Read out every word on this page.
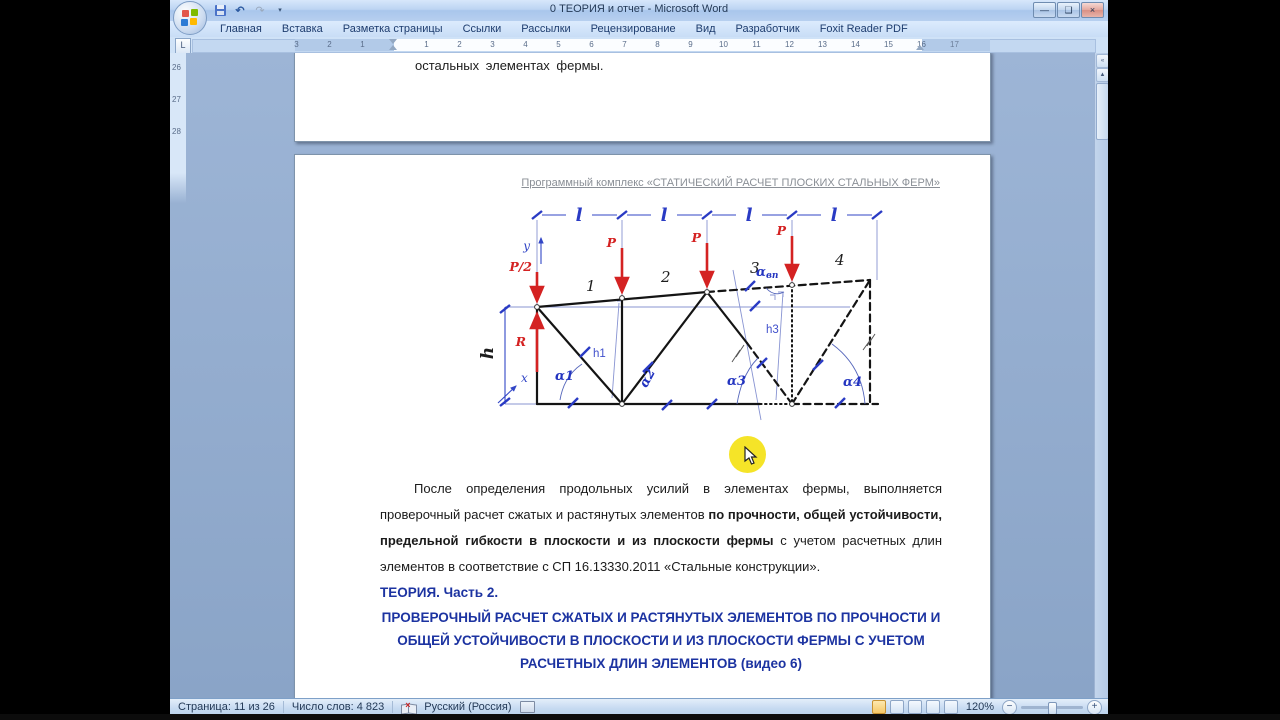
0 ТЕОРИЯ и отчет - Microsoft Word
↶ ↷	▾	—	❑	×
Главная	Вставка	Разметка страницы	Ссылки	Рассылки	Рецензирование	Вид	Разработчик	Foxit Reader PDF
L	3	2	1	1	2	3	4	5	6	7	8	9	10	11	12	13	14	15	16	17
26
27
28
остальных элементах фермы.
Программный комплекс «СТАТИЧЕСКИЙ РАСЧЕТ ПЛОСКИХ СТАЛЬНЫХ ФЕРМ»
l	l	l	l
h
P/2
P	P	P
R
y
x
1	2	3	4
α1	α2	α3	α4
αвп
h1
h3

После определения продольных усилий в элементах фермы, выполняется проверочный расчет сжатых и растянутых элементов по прочности, общей устойчивости, предельной гибкости в плоскости и из плоскости фермы с учетом расчетных длин элементов в соответствие с СП 16.13330.2011 «Стальные конструкции».

ТЕОРИЯ. Часть 2.
ПРОВЕРОЧНЫЙ РАСЧЕТ СЖАТЫХ И РАСТЯНУТЫХ ЭЛЕМЕНТОВ ПО ПРОЧНОСТИ И ОБЩЕЙ УСТОЙЧИВОСТИ В ПЛОСКОСТИ И ИЗ ПЛОСКОСТИ ФЕРМЫ С УЧЕТОМ РАСЧЕТНЫХ ДЛИН ЭЛЕМЕНТОВ (видео 6)

«
▲
Страница: 11 из 26 Число слов: 4 823 × Русский (Россия)	120%	−	+
